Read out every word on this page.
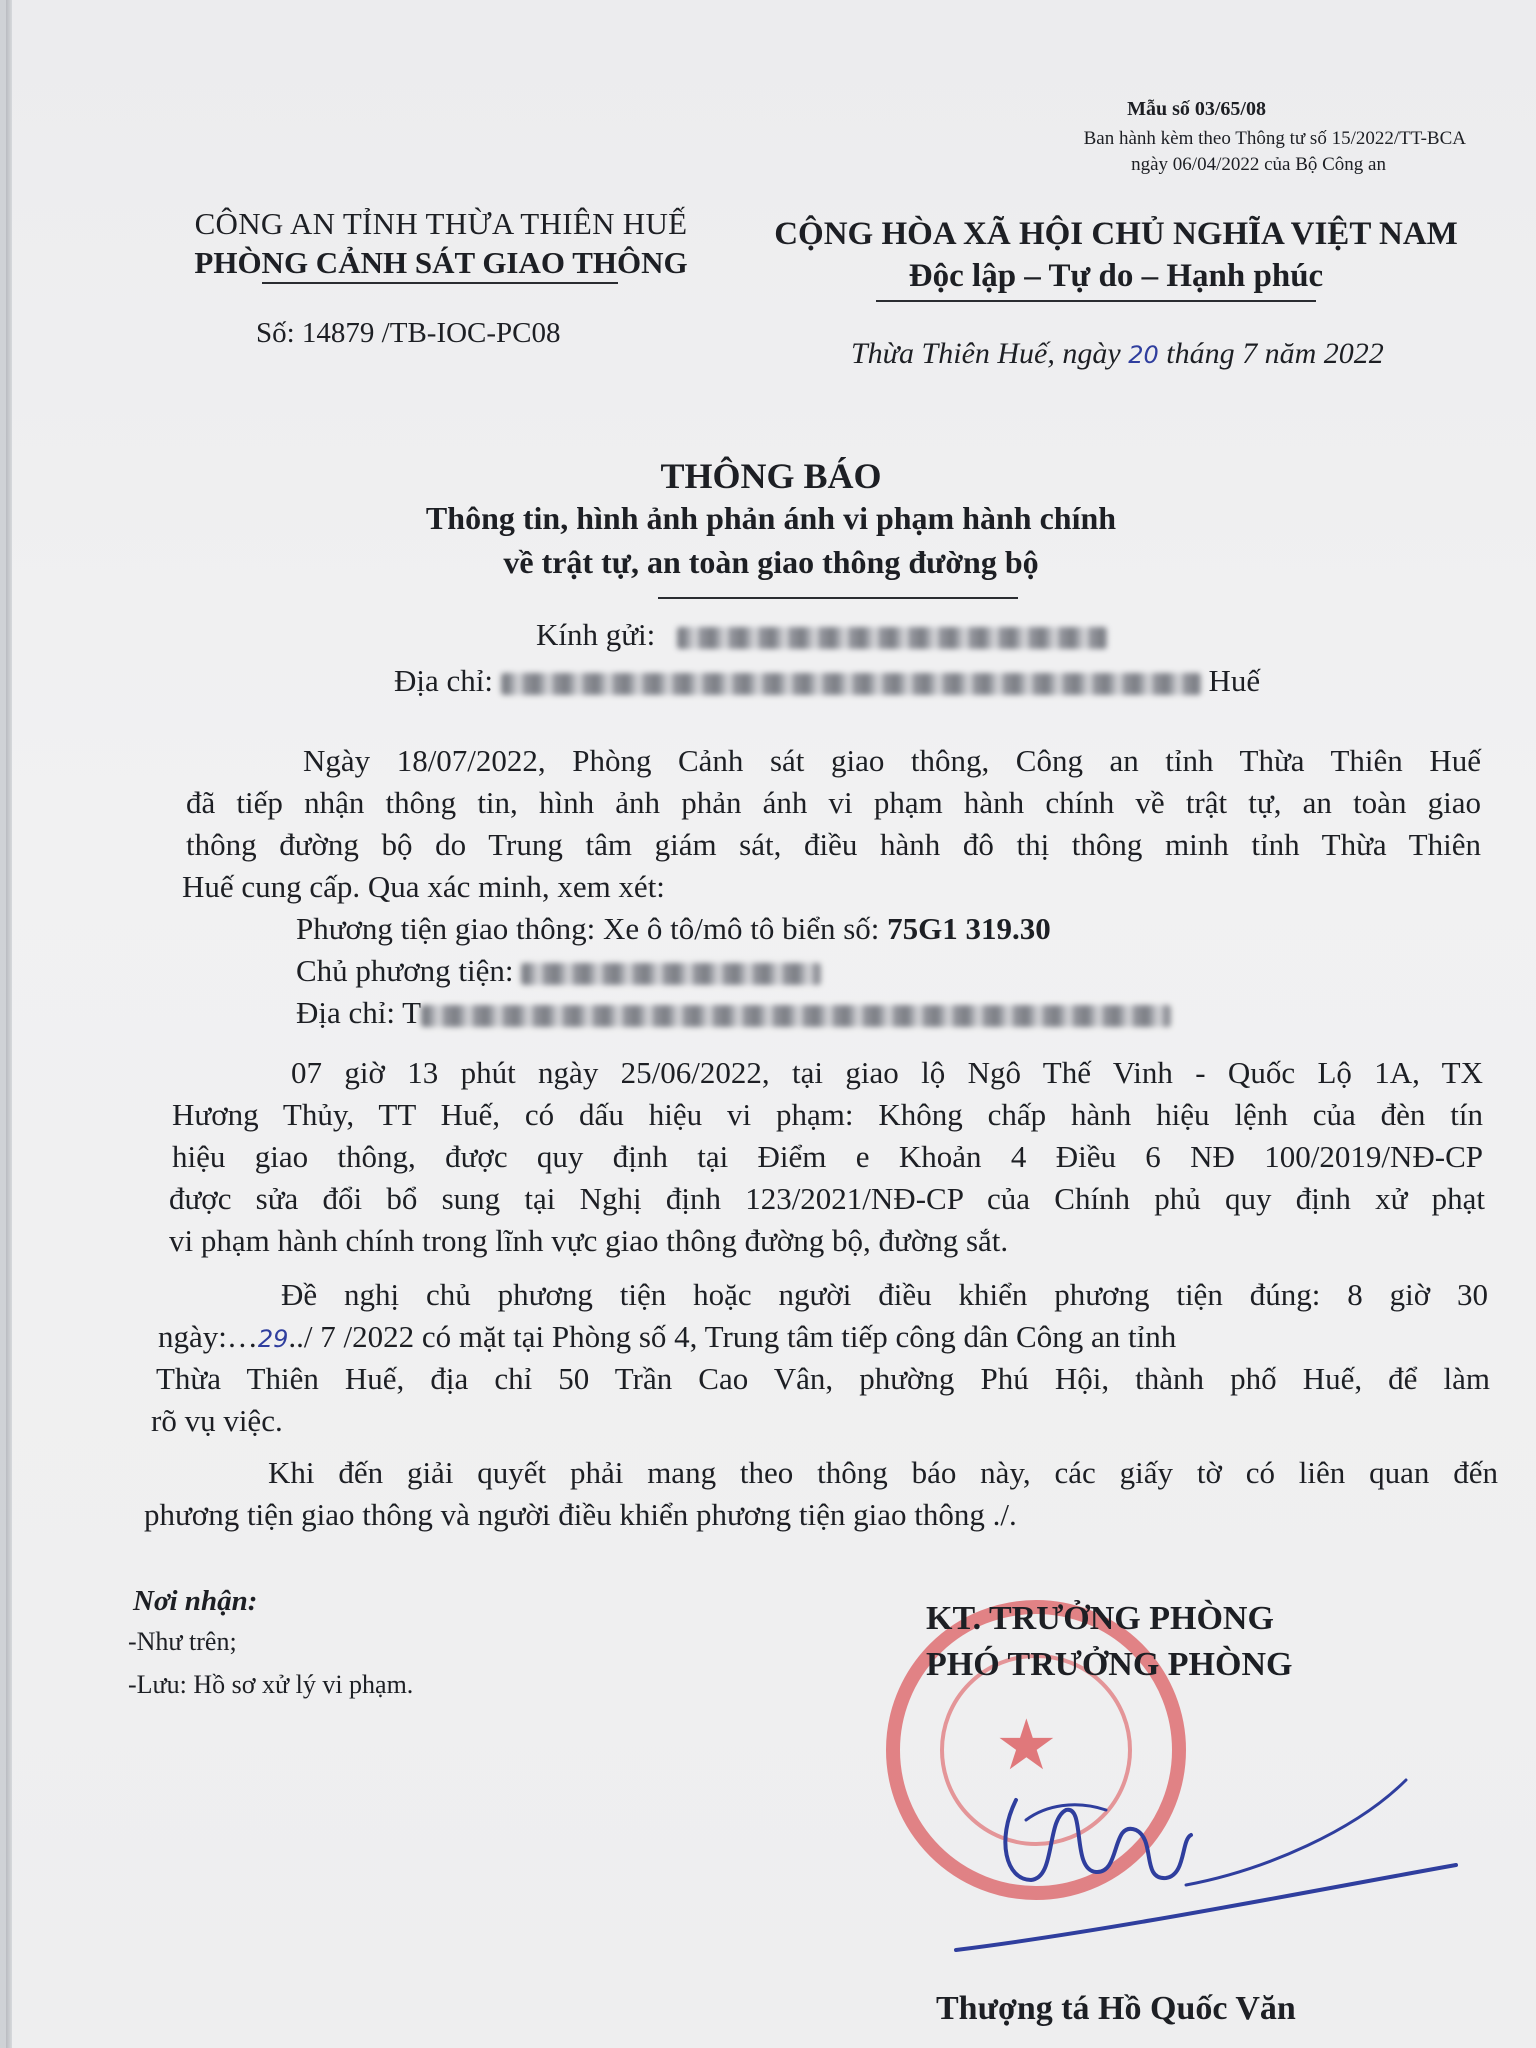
Mẫu số 03/65/08
Ban hành kèm theo Thông tư số 15/2022/TT-BCA
ngày 06/04/2022 của Bộ Công an
CÔNG AN TỈNH THỪA THIÊN HUẾ
PHÒNG CẢNH SÁT GIAO THÔNG
Số: 14879 /TB-IOC-PC08
CỘNG HÒA XÃ HỘI CHỦ NGHĨA VIỆT NAM
Độc lập – Tự do – Hạnh phúc
Thừa Thiên Huế, ngày 20 tháng 7 năm 2022
THÔNG BÁO
Thông tin, hình ảnh phản ánh vi phạm hành chính
về trật tự, an toàn giao thông đường bộ
Kính gửi:
Địa chỉ:	Huế
Ngày 18/07/2022, Phòng Cảnh sát giao thông, Công an tỉnh Thừa Thiên Huế
đã tiếp nhận thông tin, hình ảnh phản ánh vi phạm hành chính về trật tự, an toàn giao
thông đường bộ do Trung tâm giám sát, điều hành đô thị thông minh tỉnh Thừa Thiên
Huế cung cấp. Qua xác minh, xem xét:
Phương tiện giao thông: Xe ô tô/mô tô biển số: 75G1 319.30
Chủ phương tiện:
Địa chỉ: T
07 giờ 13 phút ngày 25/06/2022, tại giao lộ Ngô Thế Vinh - Quốc Lộ 1A, TX
Hương Thủy, TT Huế, có dấu hiệu vi phạm: Không chấp hành hiệu lệnh của đèn tín
hiệu giao thông, được quy định tại Điểm e Khoản 4 Điều 6 NĐ 100/2019/NĐ-CP
được sửa đổi bổ sung tại Nghị định 123/2021/NĐ-CP của Chính phủ quy định xử phạt
vi phạm hành chính trong lĩnh vực giao thông đường bộ, đường sắt.
Đề nghị chủ phương tiện hoặc người điều khiển phương tiện đúng: 8 giờ 30
ngày:…29../ 7 /2022 có mặt tại Phòng số 4, Trung tâm tiếp công dân Công an tỉnh
Thừa Thiên Huế, địa chỉ 50 Trần Cao Vân, phường Phú Hội, thành phố Huế, để làm
rõ vụ việc.
Khi đến giải quyết phải mang theo thông báo này, các giấy tờ có liên quan đến
phương tiện giao thông và người điều khiển phương tiện giao thông ./.
Nơi nhận:
-Như trên;
-Lưu: Hồ sơ xử lý vi phạm.
★
KT. TRƯỞNG PHÒNG
PHÓ TRƯỞNG PHÒNG
Thượng tá Hồ Quốc Văn
